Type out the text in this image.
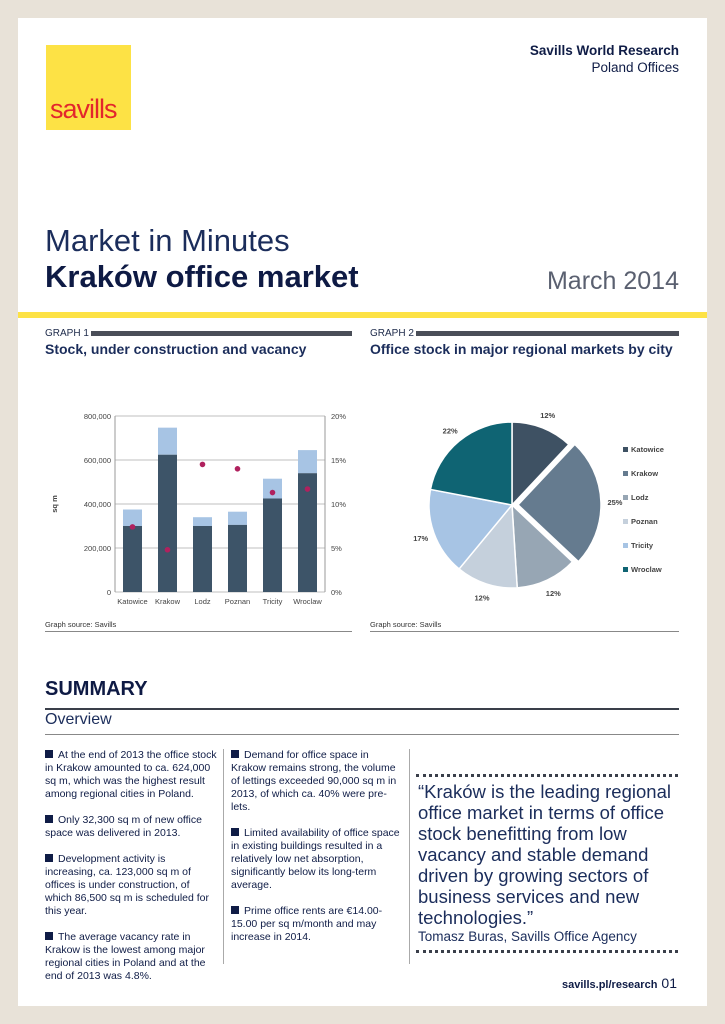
savills
Savills World Research
Poland Offices
Market in Minutes
Kraków office market	March 2014
GRAPH 1
Stock, under construction and vacancy
GRAPH 2
Office stock in major regional markets by city
0
200,000
400,000
600,000
800,000
0%
5%
10%
15%
20%
sq m
Katowice Krakow Lodz Poznan Tricity Wroclaw
12%
25%
12%
12%
17%
22%
Katowice
Krakow
Lodz
Poznan
Tricity
Wroclaw
Graph source: Savills	Graph source: Savills
SUMMARY
Overview

At the end of 2013 the office stock in Krakow amounted to ca. 624,000 sq m, which was the highest result among regional cities in Poland.

Only 32,300 sq m of new office space was delivered in 2013.

Development activity is increasing, ca. 123,000 sq m of offices is under construction, of which 86,500 sq m is scheduled for this year.

The average vacancy rate in Krakow is the lowest among major regional cities in Poland and at the end of 2013 was 4.8%.

Demand for office space in Krakow remains strong, the volume of lettings exceeded 90,000 sq m in 2013, of which ca. 40% were pre-lets.

Limited availability of office space in existing buildings resulted in a relatively low net absorption, significantly below its long-term average.

Prime office rents are €14.00-15.00 per sq m/month and may increase in 2014.

“Kraków is the leading regional office market in terms of office stock benefitting from low vacancy and stable demand driven by growing sectors of business services and new technologies.”
Tomasz Buras, Savills Office Agency
savills.pl/research 01
